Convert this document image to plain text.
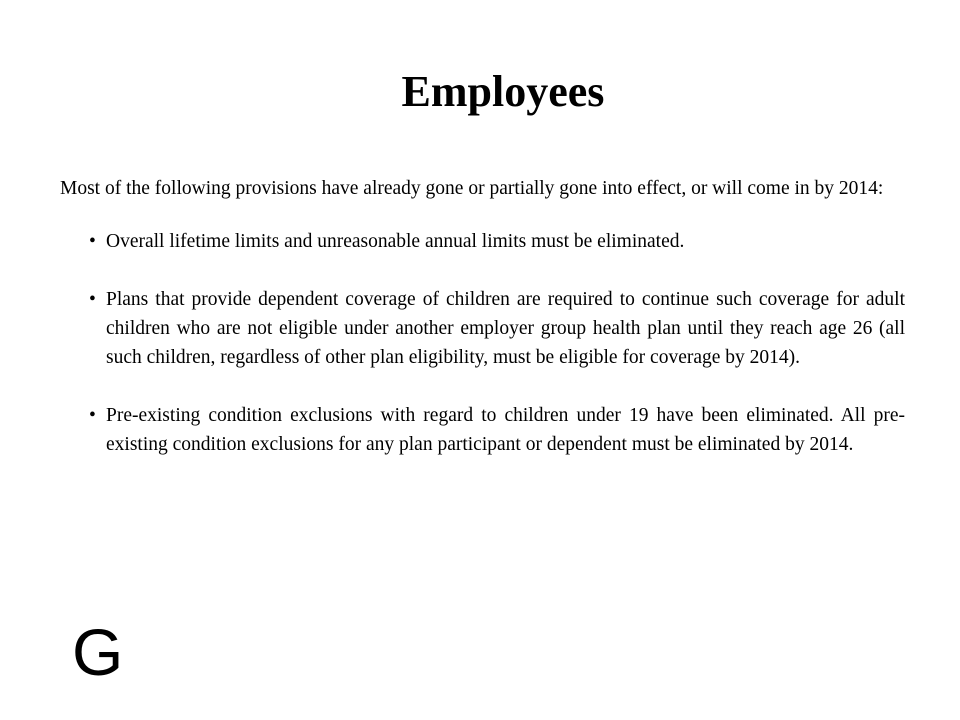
Employees

Most of the following provisions have already gone or partially gone into effect, or will come in by 2014:

• Overall lifetime limits and unreasonable annual limits must be eliminated.
• Plans that provide dependent coverage of children are required to continue such coverage for adult children who are not eligible under another employer group health plan until they reach age 26 (all such children, regardless of other plan eligibility, must be eligible for coverage by 2014).
• Pre-existing condition exclusions with regard to children under 19 have been eliminated. All pre-existing condition exclusions for any plan participant or dependent must be eliminated by 2014.
G
